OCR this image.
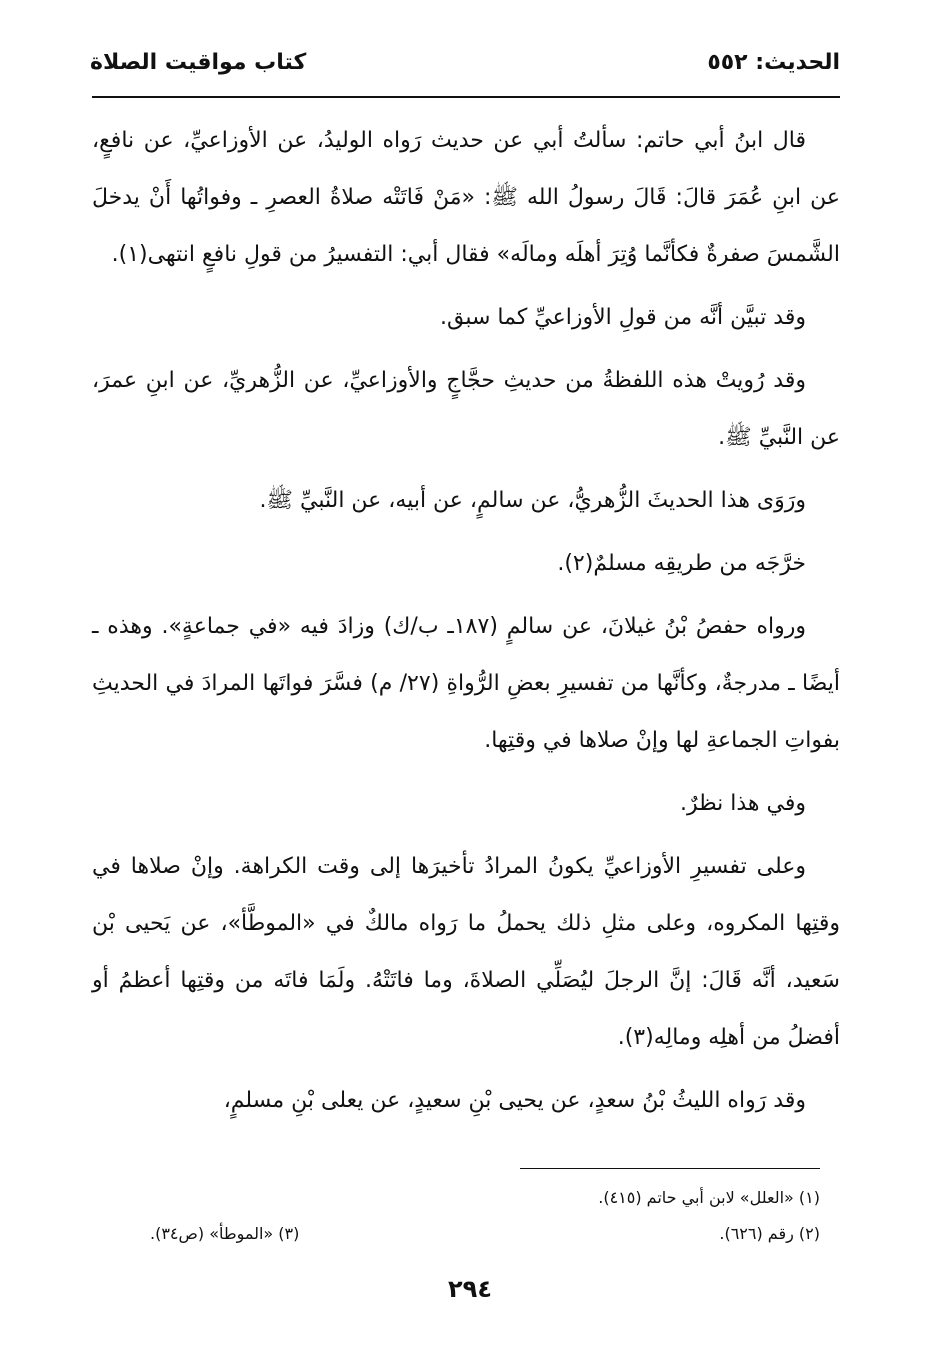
الحديث: ٥٥٢
كتاب مواقيت الصلاة

قال ابنُ أبي حاتم: سألتُ أبي عن حديث رَواه الوليدُ، عن الأوزاعيِّ، عن نافعٍ، عن ابنِ عُمَرَ قالَ: قَالَ رسولُ الله ﷺ: «مَنْ فَاتَتْه صلاةُ العصرِ ـ وفواتُها أَنْ يدخلَ الشَّمسَ صفرةٌ فكأنَّما وُتِرَ أهلَه ومالَه» فقال أبي: التفسيرُ من قولِ نافعٍ انتهى(١).

وقد تبيَّن أنَّه من قولِ الأوزاعيِّ كما سبق.

وقد رُويتْ هذه اللفظةُ من حديثِ حجَّاجٍ والأوزاعيِّ، عن الزُّهريِّ، عن ابنِ عمرَ، عن النَّبيِّ ﷺ.

ورَوَى هذا الحديثَ الزُّهريُّ، عن سالمٍ، عن أبيه، عن النَّبيِّ ﷺ.

خرَّجَه من طريقِه مسلمٌ(٢).

ورواه حفصُ بْنُ غيلانَ، عن سالمٍ (١٨٧ـ ب/ك) وزادَ فيه «في جماعةٍ». وهذه ـ أيضًا ـ مدرجةٌ، وكأنَّها من تفسيرِ بعضِ الرُّواةِ (٢٧/ م) فسَّرَ فواتَها المرادَ في الحديثِ بفواتِ الجماعةِ لها وإنْ صلاها في وقتِها.

وفي هذا نظرٌ.

وعلى تفسيرِ الأوزاعيِّ يكونُ المرادُ تأخيرَها إلى وقت الكراهة. وإنْ صلاها في وقتِها المكروه، وعلى مثلِ ذلك يحملُ ما رَواه مالكٌ في «الموطَّأ»، عن يَحيى بْن سَعيد، أنَّه قَالَ: إنَّ الرجلَ ليُصَلِّي الصلاةَ، وما فاتَتْهُ. ولَمَا فاتَه من وقتِها أعظمُ أو أفضلُ من أهلِه ومالِه(٣).

وقد رَواه الليثُ بْنُ سعدٍ، عن يحيى بْنِ سعيدٍ، عن يعلى بْنِ مسلمٍ،

(١) «العلل» لابن أبي حاتم (٤١٥).
(٢) رقم (٦٢٦).
(٣) «الموطأ» (ص٣٤).
٢٩٤
